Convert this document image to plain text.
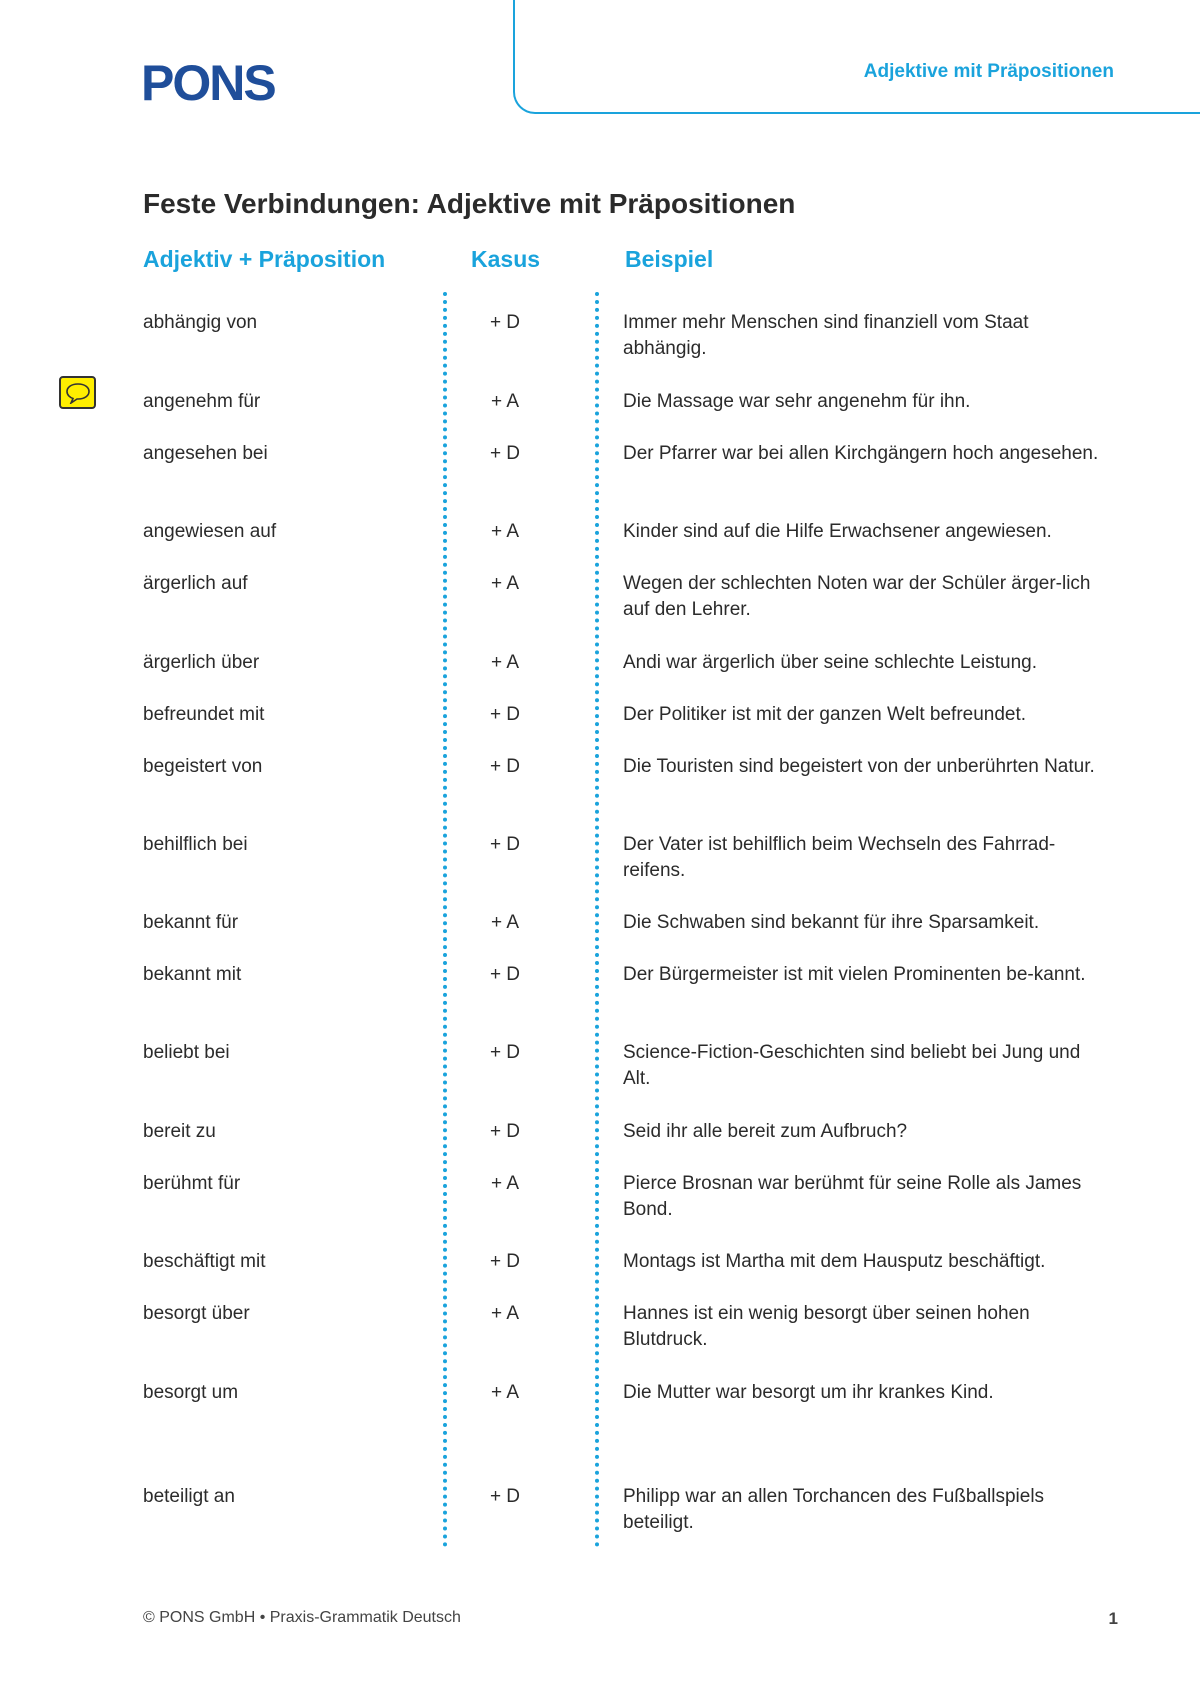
PONS	Adjektive mit Präpositionen
Feste Verbindungen: Adjektive mit Präpositionen
Adjektiv + Präposition	Kasus	Beispiel
abhängig von	+ D	Immer mehr Menschen sind finanziell vom Staat abhängig.
angenehm für	+ A	Die Massage war sehr angenehm für ihn.
angesehen bei	+ D	Der Pfarrer war bei allen Kirchgängern hoch angesehen.
angewiesen auf	+ A	Kinder sind auf die Hilfe Erwachsener angewiesen.
ärgerlich auf	+ A	Wegen der schlechten Noten war der Schüler ärger-lich auf den Lehrer.
ärgerlich über	+ A	Andi war ärgerlich über seine schlechte Leistung.
befreundet mit	+ D	Der Politiker ist mit der ganzen Welt befreundet.
begeistert von	+ D	Die Touristen sind begeistert von der unberührten Natur.
behilflich bei	+ D	Der Vater ist behilflich beim Wechseln des Fahrrad-reifens.
bekannt für	+ A	Die Schwaben sind bekannt für ihre Sparsamkeit.
bekannt mit	+ D	Der Bürgermeister ist mit vielen Prominenten be-kannt.
beliebt bei	+ D	Science-Fiction-Geschichten sind beliebt bei Jung und Alt.
bereit zu	+ D	Seid ihr alle bereit zum Aufbruch?
berühmt für	+ A	Pierce Brosnan war berühmt für seine Rolle als James Bond.
beschäftigt mit	+ D	Montags ist Martha mit dem Hausputz beschäftigt.
besorgt über	+ A	Hannes ist ein wenig besorgt über seinen hohen Blutdruck.
besorgt um	+ A	Die Mutter war besorgt um ihr krankes Kind.
beteiligt an	+ D	Philipp war an allen Torchancen des Fußballspiels beteiligt.
© PONS GmbH • Praxis-Grammatik Deutsch	1
